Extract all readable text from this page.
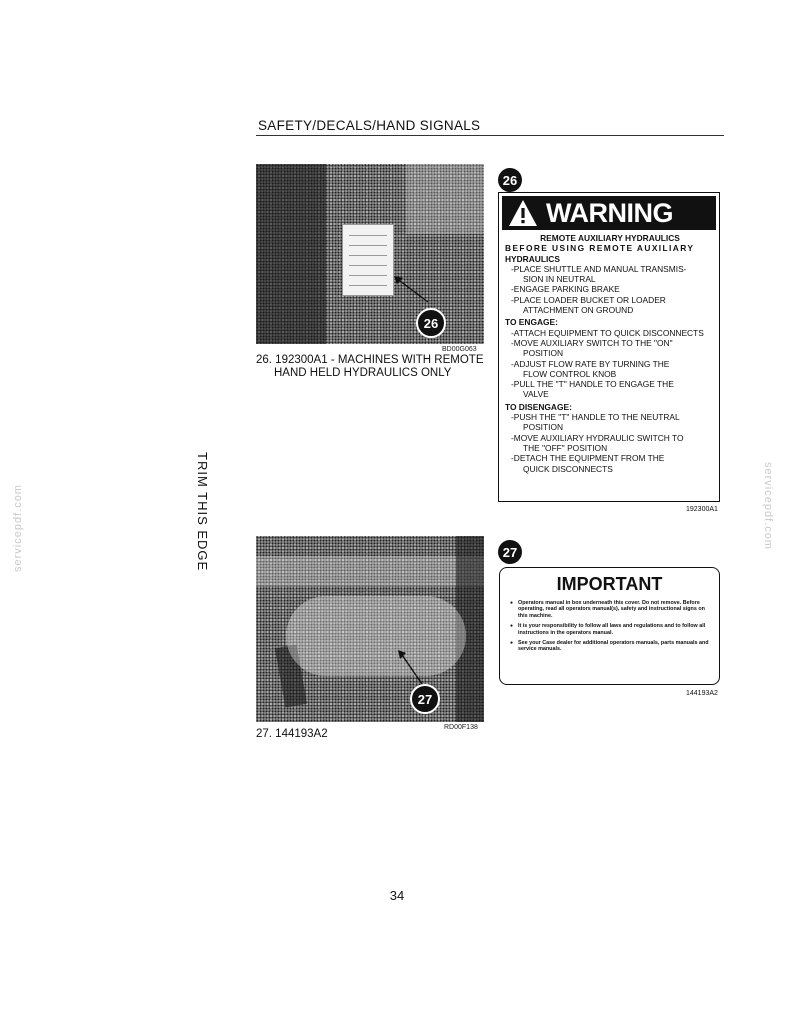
SAFETY/DECALS/HAND SIGNALS
TRIM THIS EDGE
servicepdf.com	servicepdf.com
26
BD00G063
26. 192300A1 - MACHINES WITH REMOTE
HAND HELD HYDRAULICS ONLY
26
WARNING
REMOTE AUXILIARY HYDRAULICS
BEFORE USING REMOTE AUXILIARY
HYDRAULICS
-PLACE SHUTTLE AND MANUAL TRANSMIS-
SION IN NEUTRAL
-ENGAGE PARKING BRAKE
-PLACE LOADER BUCKET OR LOADER
ATTACHMENT ON GROUND
TO ENGAGE:
-ATTACH EQUIPMENT TO QUICK DISCONNECTS
-MOVE AUXILIARY SWITCH TO THE "ON"
POSITION
-ADJUST FLOW RATE BY TURNING THE
FLOW CONTROL KNOB
-PULL THE "T" HANDLE TO ENGAGE THE
VALVE
TO DISENGAGE:
-PUSH THE "T" HANDLE TO THE NEUTRAL
POSITION
-MOVE AUXILIARY HYDRAULIC SWITCH TO
THE "OFF" POSITION
-DETACH THE EQUIPMENT FROM THE
QUICK DISCONNECTS
192300A1
27
RD00F138
27. 144193A2
27
IMPORTANT
● Operators manual in box underneath this cover. Do not remove. Before operating, read all operators manual(s), safety and instructional signs on this machine.
● It is your responsibility to follow all laws and regulations and to follow all instructions in the operators manual.
● See your Case dealer for additional operators manuals, parts manuals and service manuals.
144193A2
34
